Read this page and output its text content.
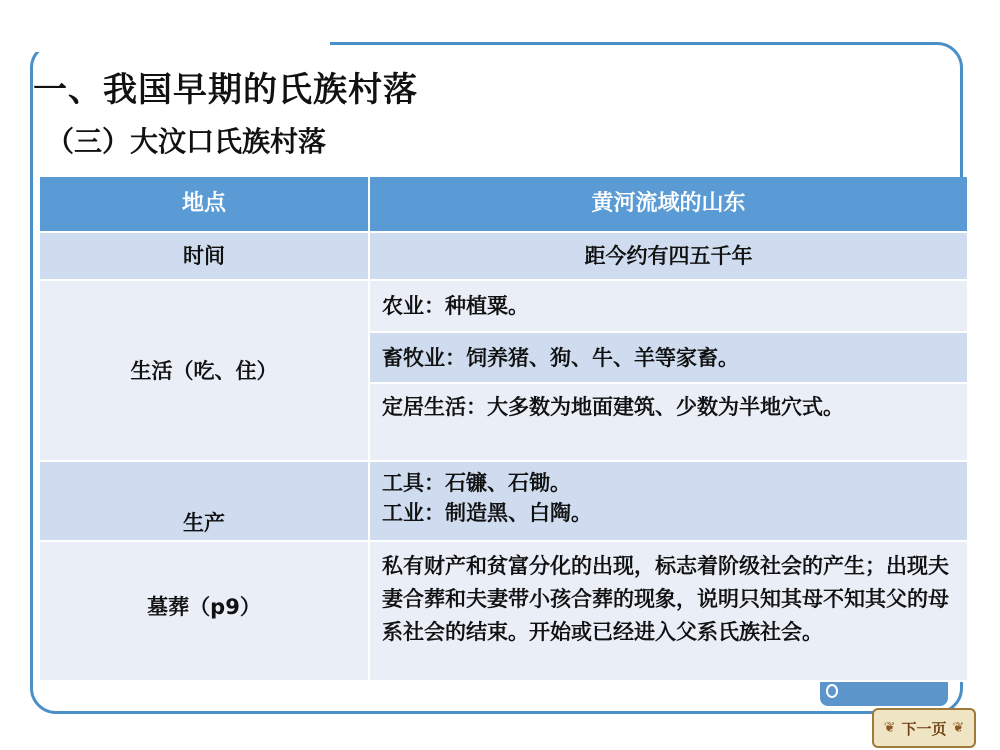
一、我国早期的氏族村落
（三）大汶口氏族村落
地点	黄河流域的山东
时间	距今约有四五千年
生活（吃、住）
农业：种植粟。
畜牧业：饲养猪、狗、牛、羊等家畜。
定居生活：大多数为地面建筑、少数为半地穴式。
生产
工具：石镰、石锄。
工业：制造黑、白陶。
墓葬（p9）
私有财产和贫富分化的出现，标志着阶级社会的产生；出现夫妻合葬和夫妻带小孩合葬的现象，说明只知其母不知其父的母系社会的结束。开始或已经进入父系氏族社会。
❦ 下一页 ❦
